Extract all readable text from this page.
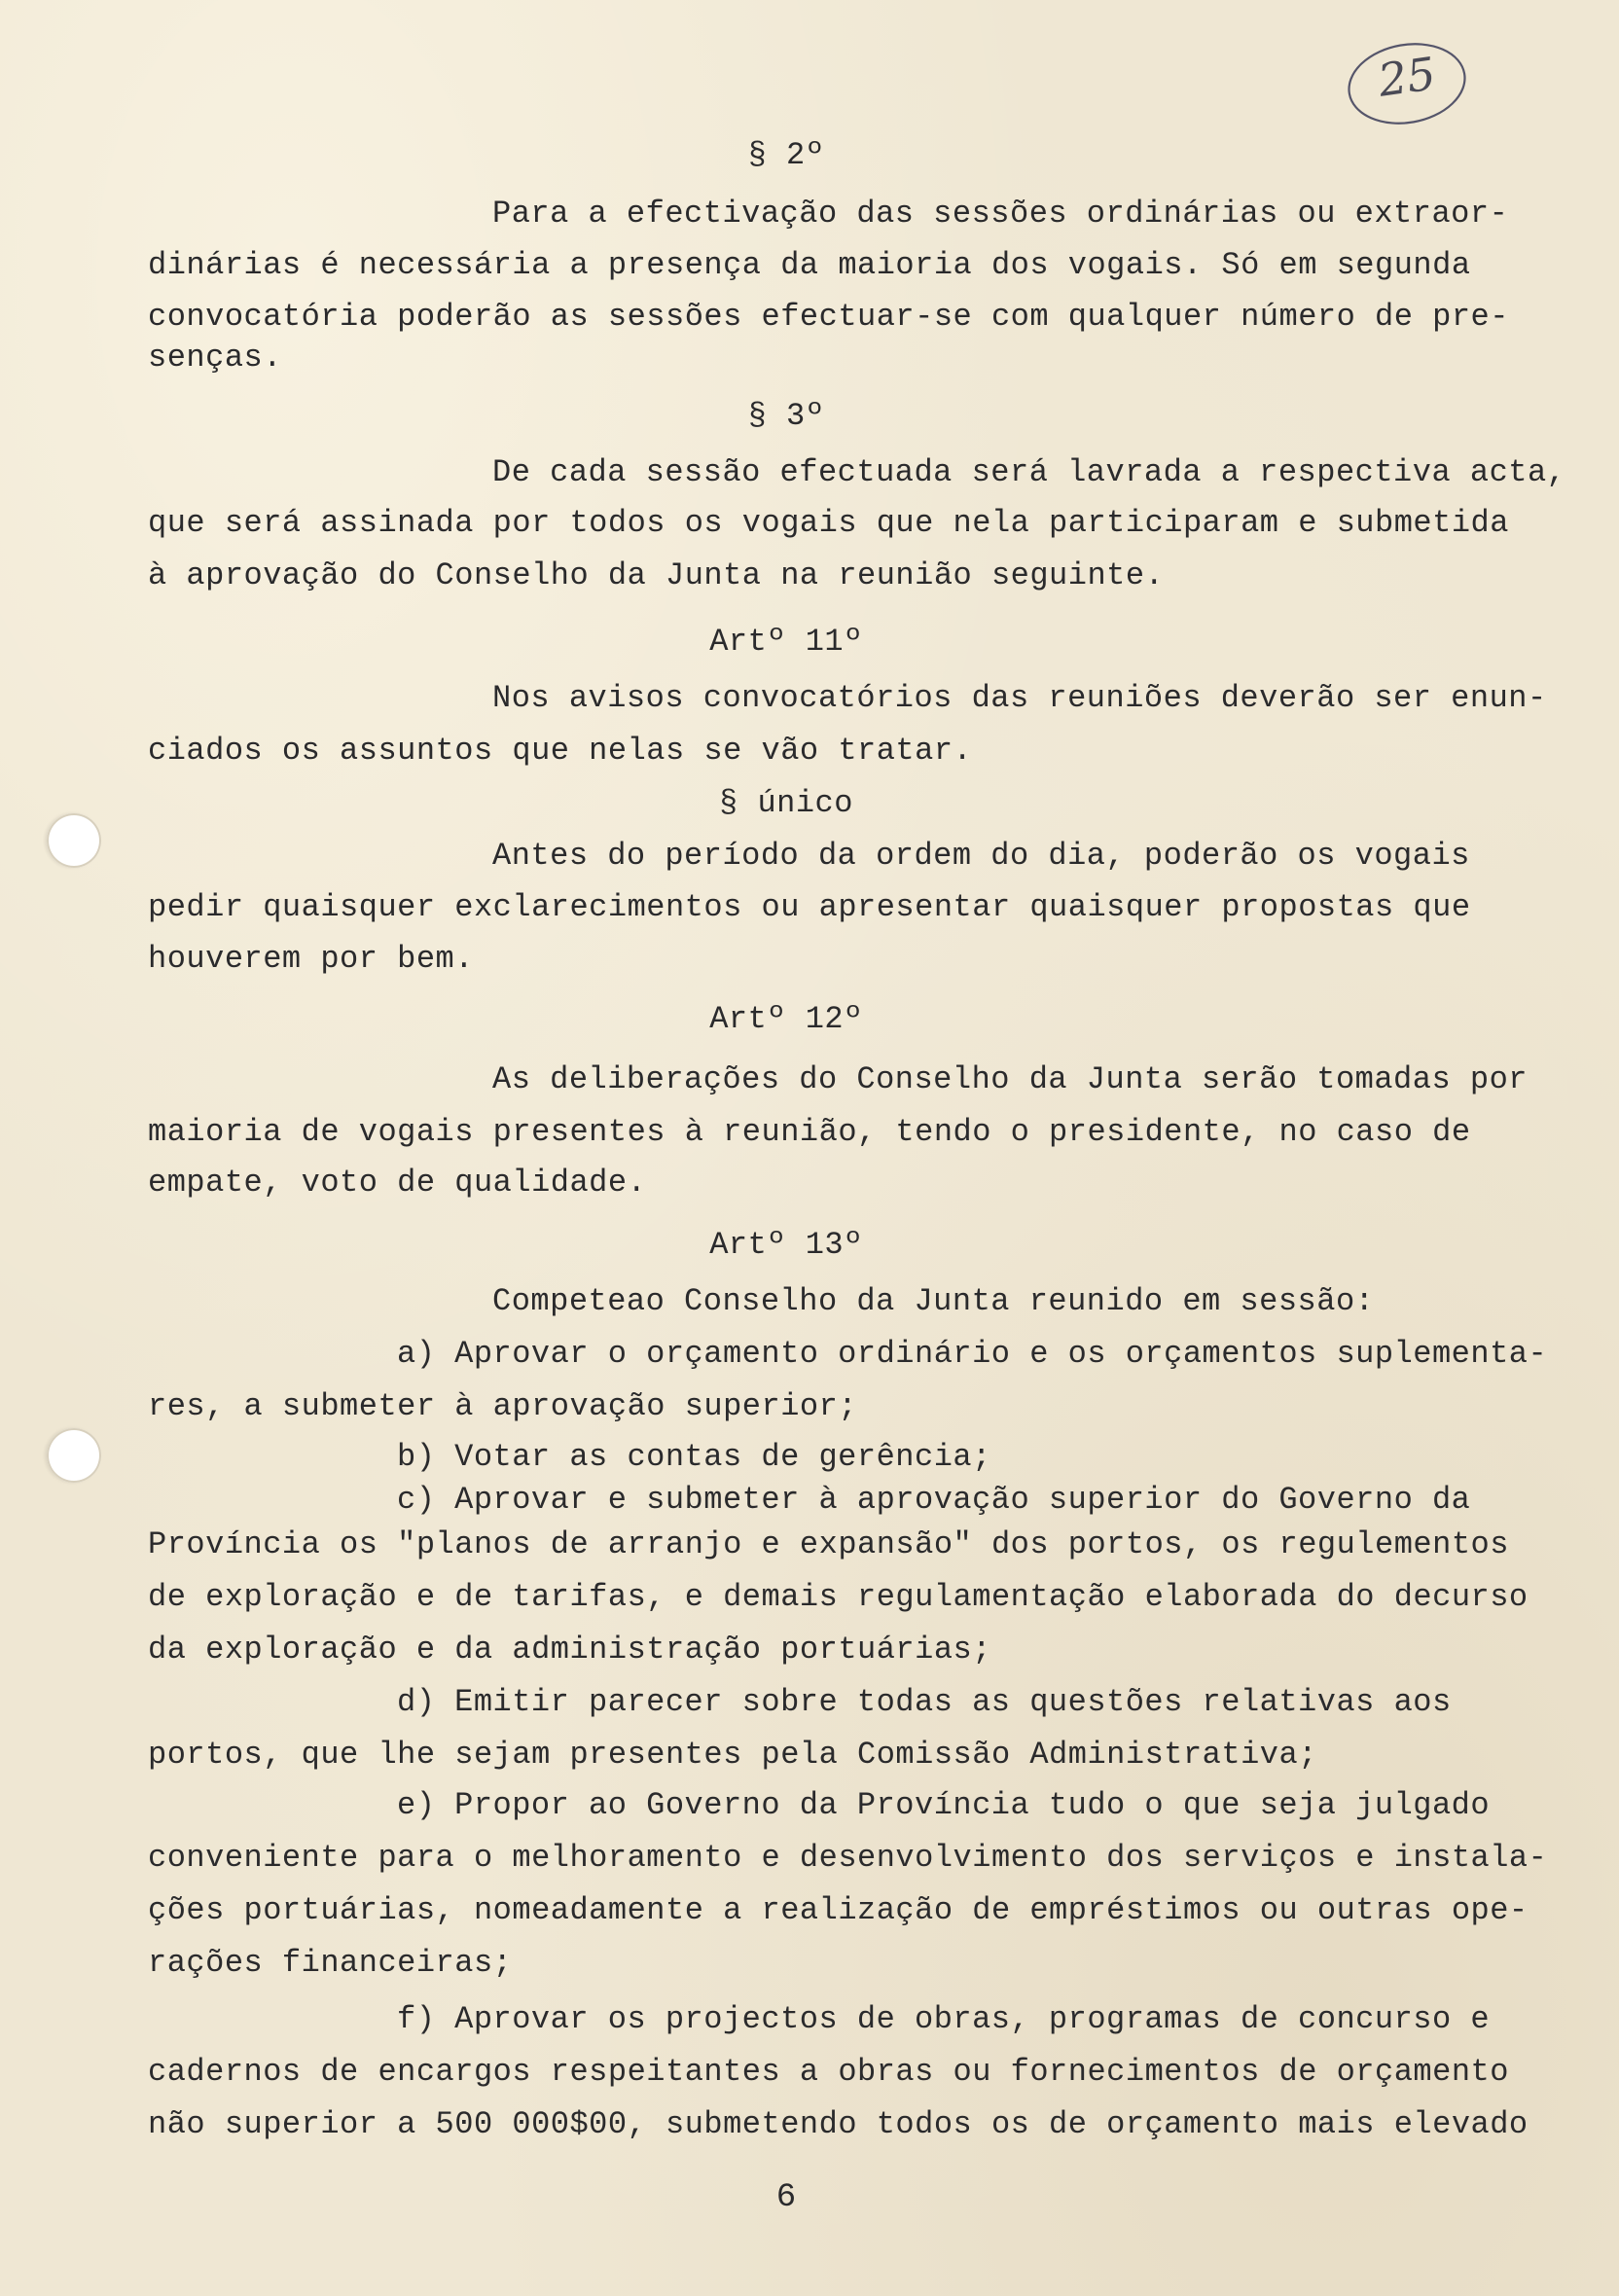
25
§ 2º
Para a efectivação das sessões ordinárias ou extraor-
dinárias é necessária a presença da maioria dos vogais. Só em segunda
convocatória poderão as sessões efectuar-se com qualquer número de pre-
senças.
§ 3º
De cada sessão efectuada será lavrada a respectiva acta,
que será assinada por todos os vogais que nela participaram e submetida
à aprovação do Conselho da Junta na reunião seguinte.
Artº 11º
Nos avisos convocatórios das reuniões deverão ser enun-
ciados os assuntos que nelas se vão tratar.
§ único
Antes do período da ordem do dia, poderão os vogais
pedir quaisquer exclarecimentos ou apresentar quaisquer propostas que
houverem por bem.
Artº 12º
As deliberações do Conselho da Junta serão tomadas por
maioria de vogais presentes à reunião, tendo o presidente, no caso de
empate, voto de qualidade.
Artº 13º
Competeao Conselho da Junta reunido em sessão:
a) Aprovar o orçamento ordinário e os orçamentos suplementa-
res, a submeter à aprovação superior;
b) Votar as contas de gerência;
c) Aprovar e submeter à aprovação superior do Governo da
Província os "planos de arranjo e expansão" dos portos, os regulementos
de exploração e de tarifas, e demais regulamentação elaborada do decurso
da exploração e da administração portuárias;
d) Emitir parecer sobre todas as questões relativas aos
portos, que lhe sejam presentes pela Comissão Administrativa;
e) Propor ao Governo da Província tudo o que seja julgado
conveniente para o melhoramento e desenvolvimento dos serviços e instala-
ções portuárias, nomeadamente a realização de empréstimos ou outras ope-
rações financeiras;
f) Aprovar os projectos de obras, programas de concurso e
cadernos de encargos respeitantes a obras ou fornecimentos de orçamento
não superior a 500 000$00, submetendo todos os de orçamento mais elevado
6
